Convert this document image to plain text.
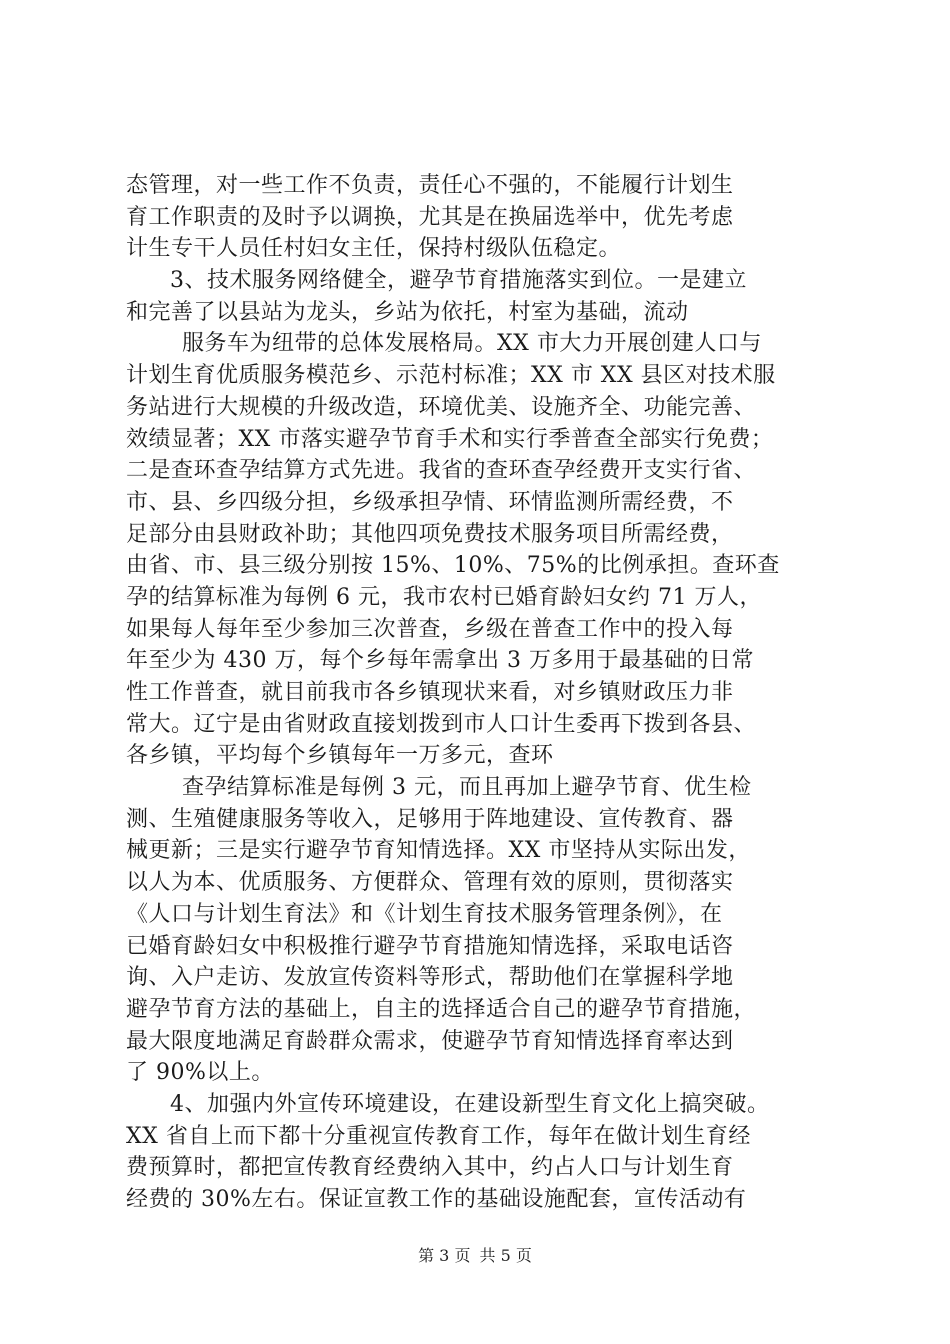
态管理，对一些工作不负责，责任心不强的，不能履行计划生
育工作职责的及时予以调换，尤其是在换届选举中，优先考虑
计生专干人员任村妇女主任，保持村级队伍稳定。
3、技术服务网络健全，避孕节育措施落实到位。一是建立
和完善了以县站为龙头，乡站为依托，村室为基础，流动
服务车为纽带的总体发展格局。XX 市大力开展创建人口与
计划生育优质服务模范乡、示范村标准；XX 市 XX 县区对技术服
务站进行大规模的升级改造，环境优美、设施齐全、功能完善、
效绩显著；XX 市落实避孕节育手术和实行季普查全部实行免费；
二是查环查孕结算方式先进。我省的查环查孕经费开支实行省、
市、县、乡四级分担，乡级承担孕情、环情监测所需经费，不
足部分由县财政补助；其他四项免费技术服务项目所需经费，
由省、市、县三级分别按 15%、10%、75%的比例承担。查环查
孕的结算标准为每例 6 元，我市农村已婚育龄妇女约 71 万人，
如果每人每年至少参加三次普查，乡级在普查工作中的投入每
年至少为 430 万，每个乡每年需拿出 3 万多用于最基础的日常
性工作普查，就目前我市各乡镇现状来看，对乡镇财政压力非
常大。辽宁是由省财政直接划拨到市人口计生委再下拨到各县、
各乡镇，平均每个乡镇每年一万多元，查环
查孕结算标准是每例 3 元，而且再加上避孕节育、优生检
测、生殖健康服务等收入，足够用于阵地建设、宣传教育、器
械更新；三是实行避孕节育知情选择。XX 市坚持从实际出发，
以人为本、优质服务、方便群众、管理有效的原则，贯彻落实
《人口与计划生育法》和《计划生育技术服务管理条例》，在
已婚育龄妇女中积极推行避孕节育措施知情选择，采取电话咨
询、入户走访、发放宣传资料等形式，帮助他们在掌握科学地
避孕节育方法的基础上，自主的选择适合自己的避孕节育措施，
最大限度地满足育龄群众需求，使避孕节育知情选择育率达到
了 90%以上。
4、加强内外宣传环境建设，在建设新型生育文化上搞突破。
XX 省自上而下都十分重视宣传教育工作，每年在做计划生育经
费预算时，都把宣传教育经费纳入其中，约占人口与计划生育
经费的 30%左右。保证宣教工作的基础设施配套，宣传活动有
第 3 页 共 5 页
